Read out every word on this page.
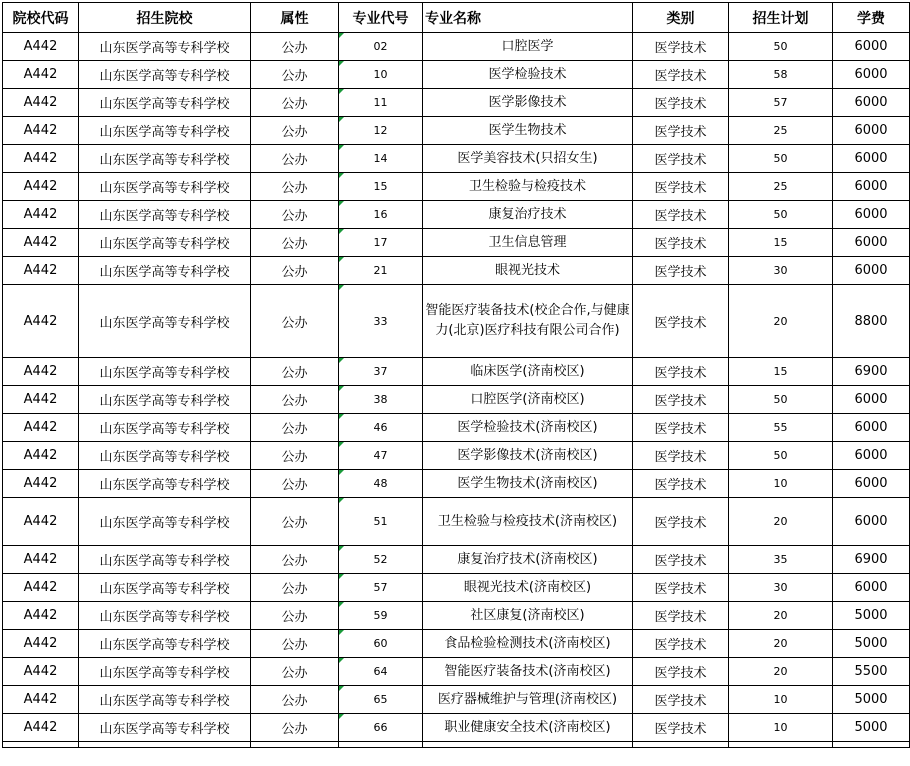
院校代码	招生院校	属性	专业代号	专业名称	类别	招生计划	学费
A442	山东医学高等专科学校	公办	02	口腔医学	医学技术	50	6000
A442	山东医学高等专科学校	公办	10	医学检验技术	医学技术	58	6000
A442	山东医学高等专科学校	公办	11	医学影像技术	医学技术	57	6000
A442	山东医学高等专科学校	公办	12	医学生物技术	医学技术	25	6000
A442	山东医学高等专科学校	公办	14	医学美容技术(只招女生)	医学技术	50	6000
A442	山东医学高等专科学校	公办	15	卫生检验与检疫技术	医学技术	25	6000
A442	山东医学高等专科学校	公办	16	康复治疗技术	医学技术	50	6000
A442	山东医学高等专科学校	公办	17	卫生信息管理	医学技术	15	6000
A442	山东医学高等专科学校	公办	21	眼视光技术	医学技术	30	6000
A442	山东医学高等专科学校	公办	33	智能医疗装备技术(校企合作,与健康力(北京)医疗科技有限公司合作)	医学技术	20	8800
A442	山东医学高等专科学校	公办	37	临床医学(济南校区)	医学技术	15	6900
A442	山东医学高等专科学校	公办	38	口腔医学(济南校区)	医学技术	50	6000
A442	山东医学高等专科学校	公办	46	医学检验技术(济南校区)	医学技术	55	6000
A442	山东医学高等专科学校	公办	47	医学影像技术(济南校区)	医学技术	50	6000
A442	山东医学高等专科学校	公办	48	医学生物技术(济南校区)	医学技术	10	6000
A442	山东医学高等专科学校	公办	51	卫生检验与检疫技术(济南校区)	医学技术	20	6000
A442	山东医学高等专科学校	公办	52	康复治疗技术(济南校区)	医学技术	35	6900
A442	山东医学高等专科学校	公办	57	眼视光技术(济南校区)	医学技术	30	6000
A442	山东医学高等专科学校	公办	59	社区康复(济南校区)	医学技术	20	5000
A442	山东医学高等专科学校	公办	60	食品检验检测技术(济南校区)	医学技术	20	5000
A442	山东医学高等专科学校	公办	64	智能医疗装备技术(济南校区)	医学技术	20	5500
A442	山东医学高等专科学校	公办	65	医疗器械维护与管理(济南校区)	医学技术	10	5000
A442	山东医学高等专科学校	公办	66	职业健康安全技术(济南校区)	医学技术	10	5000
